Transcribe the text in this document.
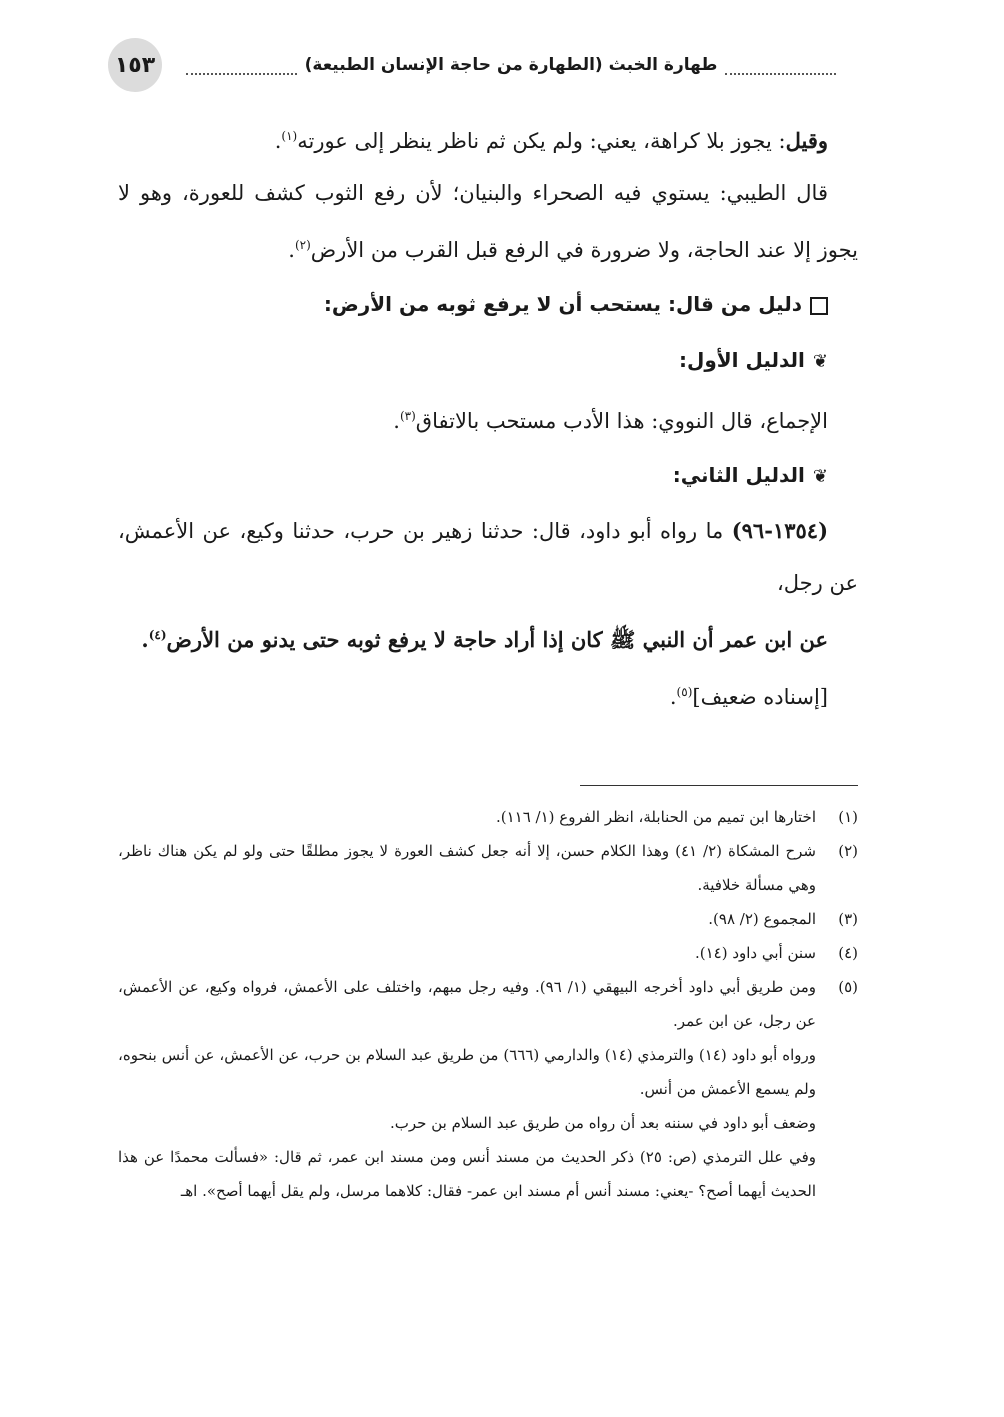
١٥٣	طهارة الخبث (الطهارة من حاجة الإنسان الطبيعة)

وقيل: يجوز بلا كراهة، يعني: ولم يكن ثم ناظر ينظر إلى عورته$^{(١)}$.

قال الطيبي: يستوي فيه الصحراء والبنيان؛ لأن رفع الثوب كشف للعورة، وهو لا يجوز إلا عند الحاجة، ولا ضرورة في الرفع قبل القرب من الأرض$^{(٢)}$.

دليل من قال: يستحب أن لا يرفع ثوبه من الأرض:
❦الدليل الأول:

الإجماع، قال النووي: هذا الأدب مستحب بالاتفاق$^{(٣)}$.

❦الدليل الثاني:

(١٣٥٤-٩٦) ما رواه أبو داود، قال: حدثنا زهير بن حرب، حدثنا وكيع، عن الأعمش، عن رجل،

عن ابن عمر أن النبي ﷺ كان إذا أراد حاجة لا يرفع ثوبه حتى يدنو من الأرض$^{(٤)}$.

[إسناده ضعيف]$^{(٥)}$.

(١)
اختارها ابن تميم من الحنابلة، انظر الفروع (١/ ١١٦).
(٢)
شرح المشكاة (٢/ ٤١) وهذا الكلام حسن، إلا أنه جعل كشف العورة لا يجوز مطلقًا حتى ولو لم يكن هناك ناظر، وهي مسألة خلافية.
(٣)
المجموع (٢/ ٩٨).
(٤)
سنن أبي داود (١٤).
(٥)
ومن طريق أبي داود أخرجه البيهقي (١/ ٩٦). وفيه رجل مبهم، واختلف على الأعمش، فرواه وكيع، عن الأعمش، عن رجل، عن ابن عمر.
ورواه أبو داود (١٤) والترمذي (١٤) والدارمي (٦٦٦) من طريق عبد السلام بن حرب، عن الأعمش، عن أنس بنحوه، ولم يسمع الأعمش من أنس.
وضعف أبو داود في سننه بعد أن رواه من طريق عبد السلام بن حرب.
وفي علل الترمذي (ص: ٢٥) ذكر الحديث من مسند أنس ومن مسند ابن عمر، ثم قال: «فسألت محمدًا عن هذا الحديث أيهما أصح؟ -يعني: مسند أنس أم مسند ابن عمر- فقال: كلاهما مرسل، ولم يقل أيهما أصح». اهـ
